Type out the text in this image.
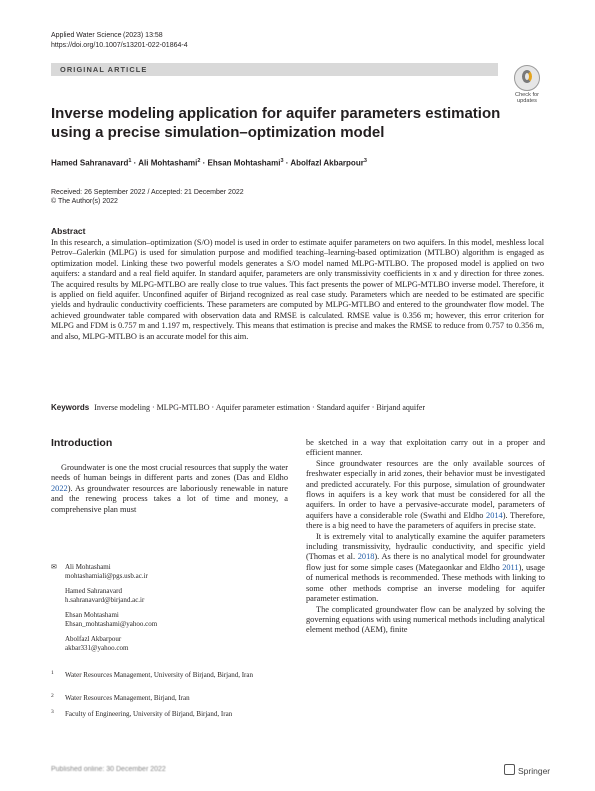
Applied Water Science(2023) 13:58
https://doi.org/10.1007/s13201-022-01864-4
ORIGINAL ARTICLE
Check for
updates
Inverse modeling application for aquifer parameters estimation using a precise simulation–optimization model
Hamed Sahranavard$^1$ · Ali Mohtashami$^2$ · Ehsan Mohtashami$^3$ · Abolfazl Akbarpour$^3$
Received: 26 September 2022 / Accepted: 21 December 2022
© The Author(s) 2022
Abstract
In this research, a simulation–optimization (S/O) model is used in order to estimate aquifer parameters on two aquifers. In this model, meshless local Petrov–Galerkin (MLPG) is used for simulation purpose and modified teaching–learning-based optimization (MTLBO) algorithm is engaged as optimization model. Linking these two powerful models generates a S/O model named MLPG-MTLBO. The proposed model is applied on two aquifers: a standard and a real field aquifer. In standard aquifer, parameters are only transmissivity coefficients in x and y direction for three zones. The acquired results by MLPG-MTLBO are really close to true values. This fact presents the power of MLPG-MTLBO inverse model. Therefore, it is applied on field aquifer. Unconfined aquifer of Birjand recognized as real case study. Parameters which are needed to be estimated are specific yields and hydraulic conductivity coefficients. These parameters are computed by MLPG-MTLBO and entered to the groundwater flow model. The achieved groundwater table compared with observation data and RMSE is calculated. RMSE value is 0.356 m; however, this error criterion for MLPG and FDM is 0.757 m and 1.197 m, respectively. This means that estimation is precise and makes the RMSE to reduce from 0.757 to 0.356 m, and also, MLPG-MTLBO is an accurate model for this aim.
Keywords Inverse modeling · MLPG-MTLBO · Aquifer parameter estimation · Standard aquifer · Birjand aquifer
Introduction

Groundwater is one the most crucial resources that supply the water needs of human beings in different parts and zones (Das and Eldho 2022). As groundwater resources are laboriously renewable in nature and the renewing process takes a lot of time and money, a comprehensive plan must

be sketched in a way that exploitation carry out in a proper and efficient manner.

Since groundwater resources are the only available sources of freshwater especially in arid zones, their behavior must be investigated and predicted accurately. For this purpose, simulation of groundwater flows in aquifers is a key work that must be considered for all the aquifers. In order to have a pervasive-accurate model, parameters of aquifers have a considerable role (Swathi and Eldho 2014). Therefore, there is a big need to have the parameters of aquifers in precise state.

It is extremely vital to analytically examine the aquifer parameters including transmissivity, hydraulic conductivity, and specific yield (Thomas et al. 2018). As there is no analytical model for groundwater flow just for some simple cases (Mategaonkar and Eldho 2011), usage of numerical methods is recommended. These methods with linking to some other methods comprise an inverse modeling for aquifer parameter estimation.

The complicated groundwater flow can be analyzed by solving the governing equations with using numerical methods including analytical element method (AEM), finite

✉ Ali Mohtashami
mohtashamiali@pgs.usb.ac.ir
Hamed Sahranavard
h.sahranavard@birjand.ac.ir
Ehsan Mohtashami
Ehsan_mohtashami@yahoo.com
Abolfazl Akbarpour
akbar331@yahoo.com
1 Water Resources Management, University of Birjand, Birjand, Iran
2 Water Resources Management, Birjand, Iran
3 Faculty of Engineering, University of Birjand, Birjand, Iran
Published online: 30 December 2022	Springer
